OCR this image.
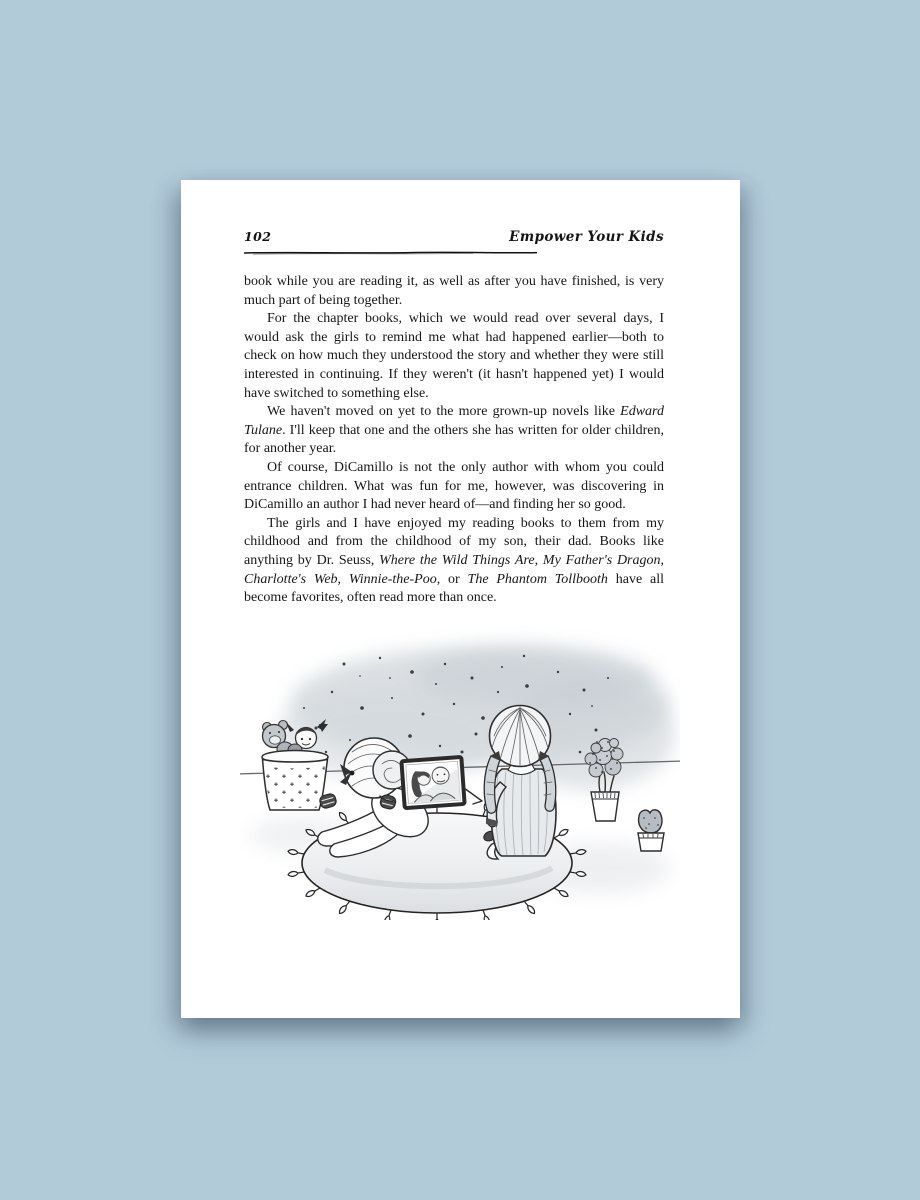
102	Empower Your Kids

book while you are reading it, as well as after you have finished, is very much part of being together.

For the chapter books, which we would read over several days, I would ask the girls to remind me what had happened earlier—both to check on how much they understood the story and whether they were still interested in continuing. If they weren't (it hasn't happened yet) I would have switched to something else.

We haven't moved on yet to the more grown-up novels like Edward Tulane. I'll keep that one and the others she has written for older children, for another year.

Of course, DiCamillo is not the only author with whom you could entrance children. What was fun for me, however, was discovering in DiCamillo an author I had never heard of—and finding her so good.

The girls and I have enjoyed my reading books to them from my childhood and from the childhood of my son, their dad. Books like anything by Dr. Seuss, Where the Wild Things Are, My Father's Dragon, Charlotte's Web, Winnie-the-Poo, or The Phantom Tollbooth have all become favorites, often read more than once.
